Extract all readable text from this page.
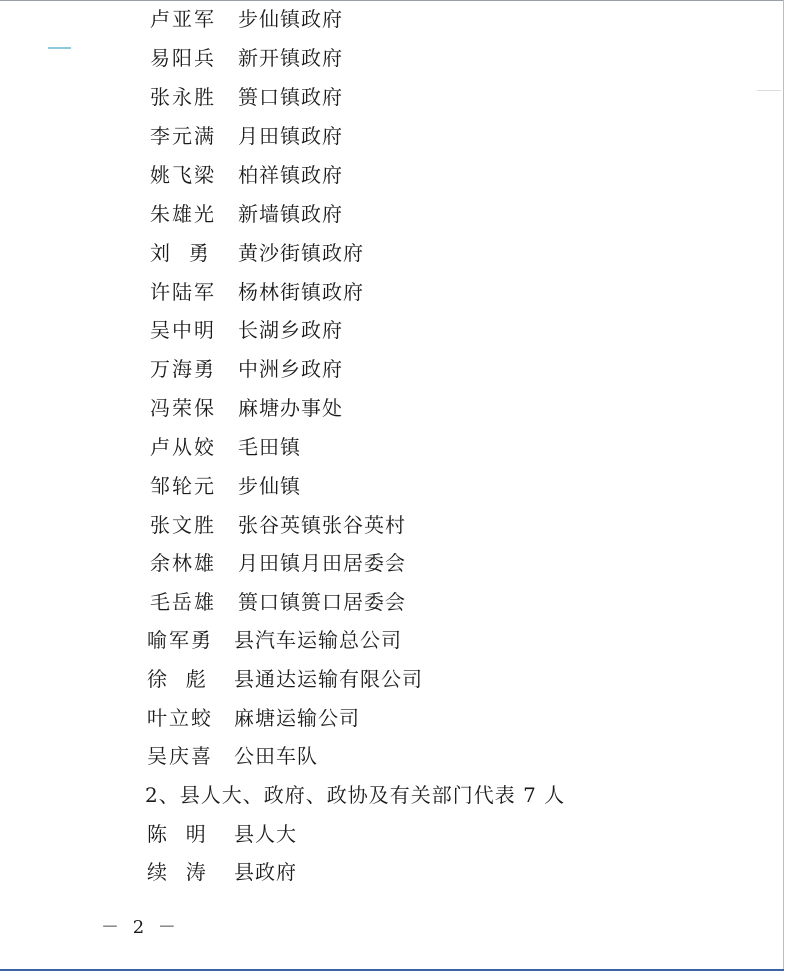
卢亚军	步仙镇政府
易阳兵	新开镇政府
张永胜	篑口镇政府
李元满	月田镇政府
姚飞梁	柏祥镇政府
朱雄光	新墙镇政府
刘  勇	黄沙街镇政府
许陆军	杨林街镇政府
吴中明	长湖乡政府
万海勇	中洲乡政府
冯荣保	麻塘办事处
卢从姣	毛田镇
邹轮元	步仙镇
张文胜	张谷英镇张谷英村
余林雄	月田镇月田居委会
毛岳雄	篑口镇篑口居委会
喻军勇	县汽车运输总公司
徐  彪	县通达运输有限公司
叶立蛟	麻塘运输公司
吴庆喜	公田车队
2、县人大、政府、政协及有关部门代表 7 人
陈  明	县人大
续  涛	县政府
－ 2 －
